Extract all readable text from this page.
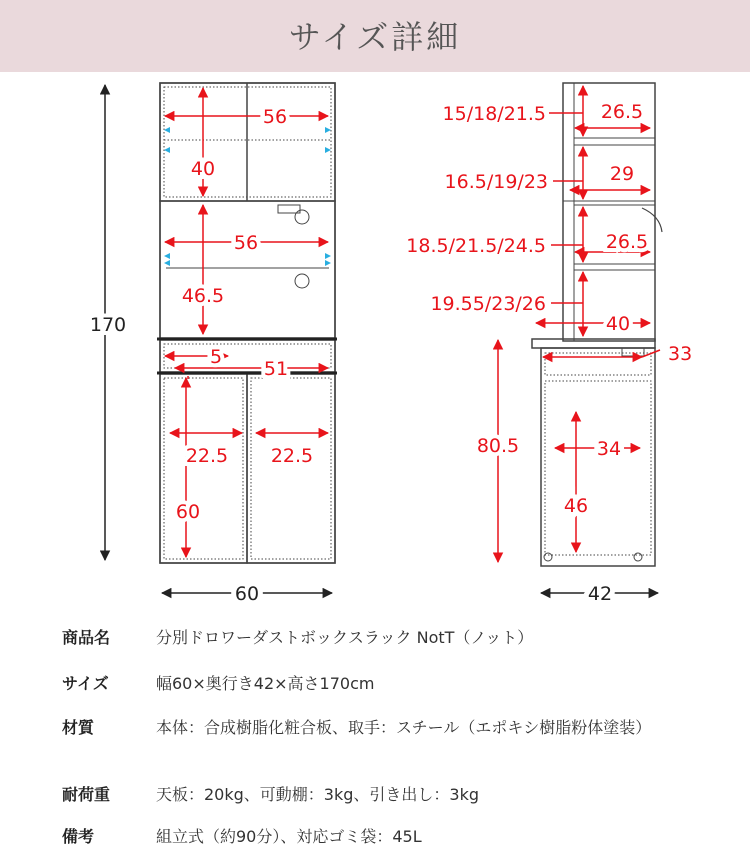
サイズ詳細
170
60
56
40
56
46.5
5
51
22.5 22.5
60
42
15/18/21.5	26.5
16.5/19/23	29
18.5/21.5/24.5	26.5
19.55/23/26
40
33
80.5	34
46
商品名	分別ドロワーダストボックスラック NotT（ノット）
サイズ	幅60×奥行き42×高さ170cm
材質	本体：合成樹脂化粧合板、取手：スチール（エポキシ樹脂粉体塗装）
耐荷重	天板：20kg、可動棚：3kg、引き出し：3kg
備考	組立式（約90分）、対応ゴミ袋：45L
